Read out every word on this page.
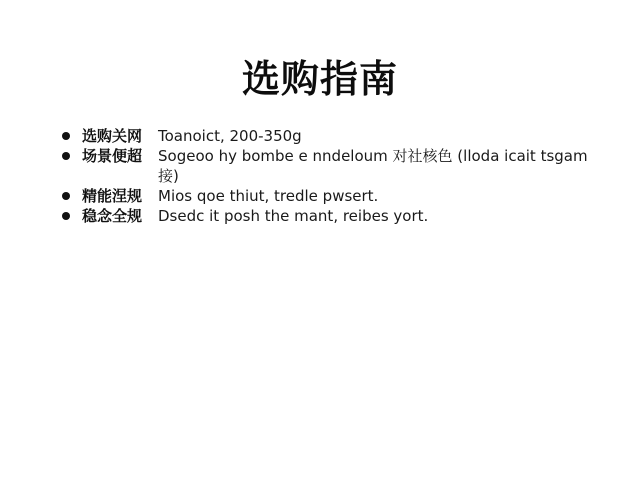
选购指南
选购关网	Toanoict, 200-350g
场景便超	Sogeoo hy bombe e nndeloum 对社核色 (lloda icait tsgam 接)
精能涅规	Mios qoe thiut, tredle pwsert.
稳念全规	Dsedc it posh the mant, reibes yort.
